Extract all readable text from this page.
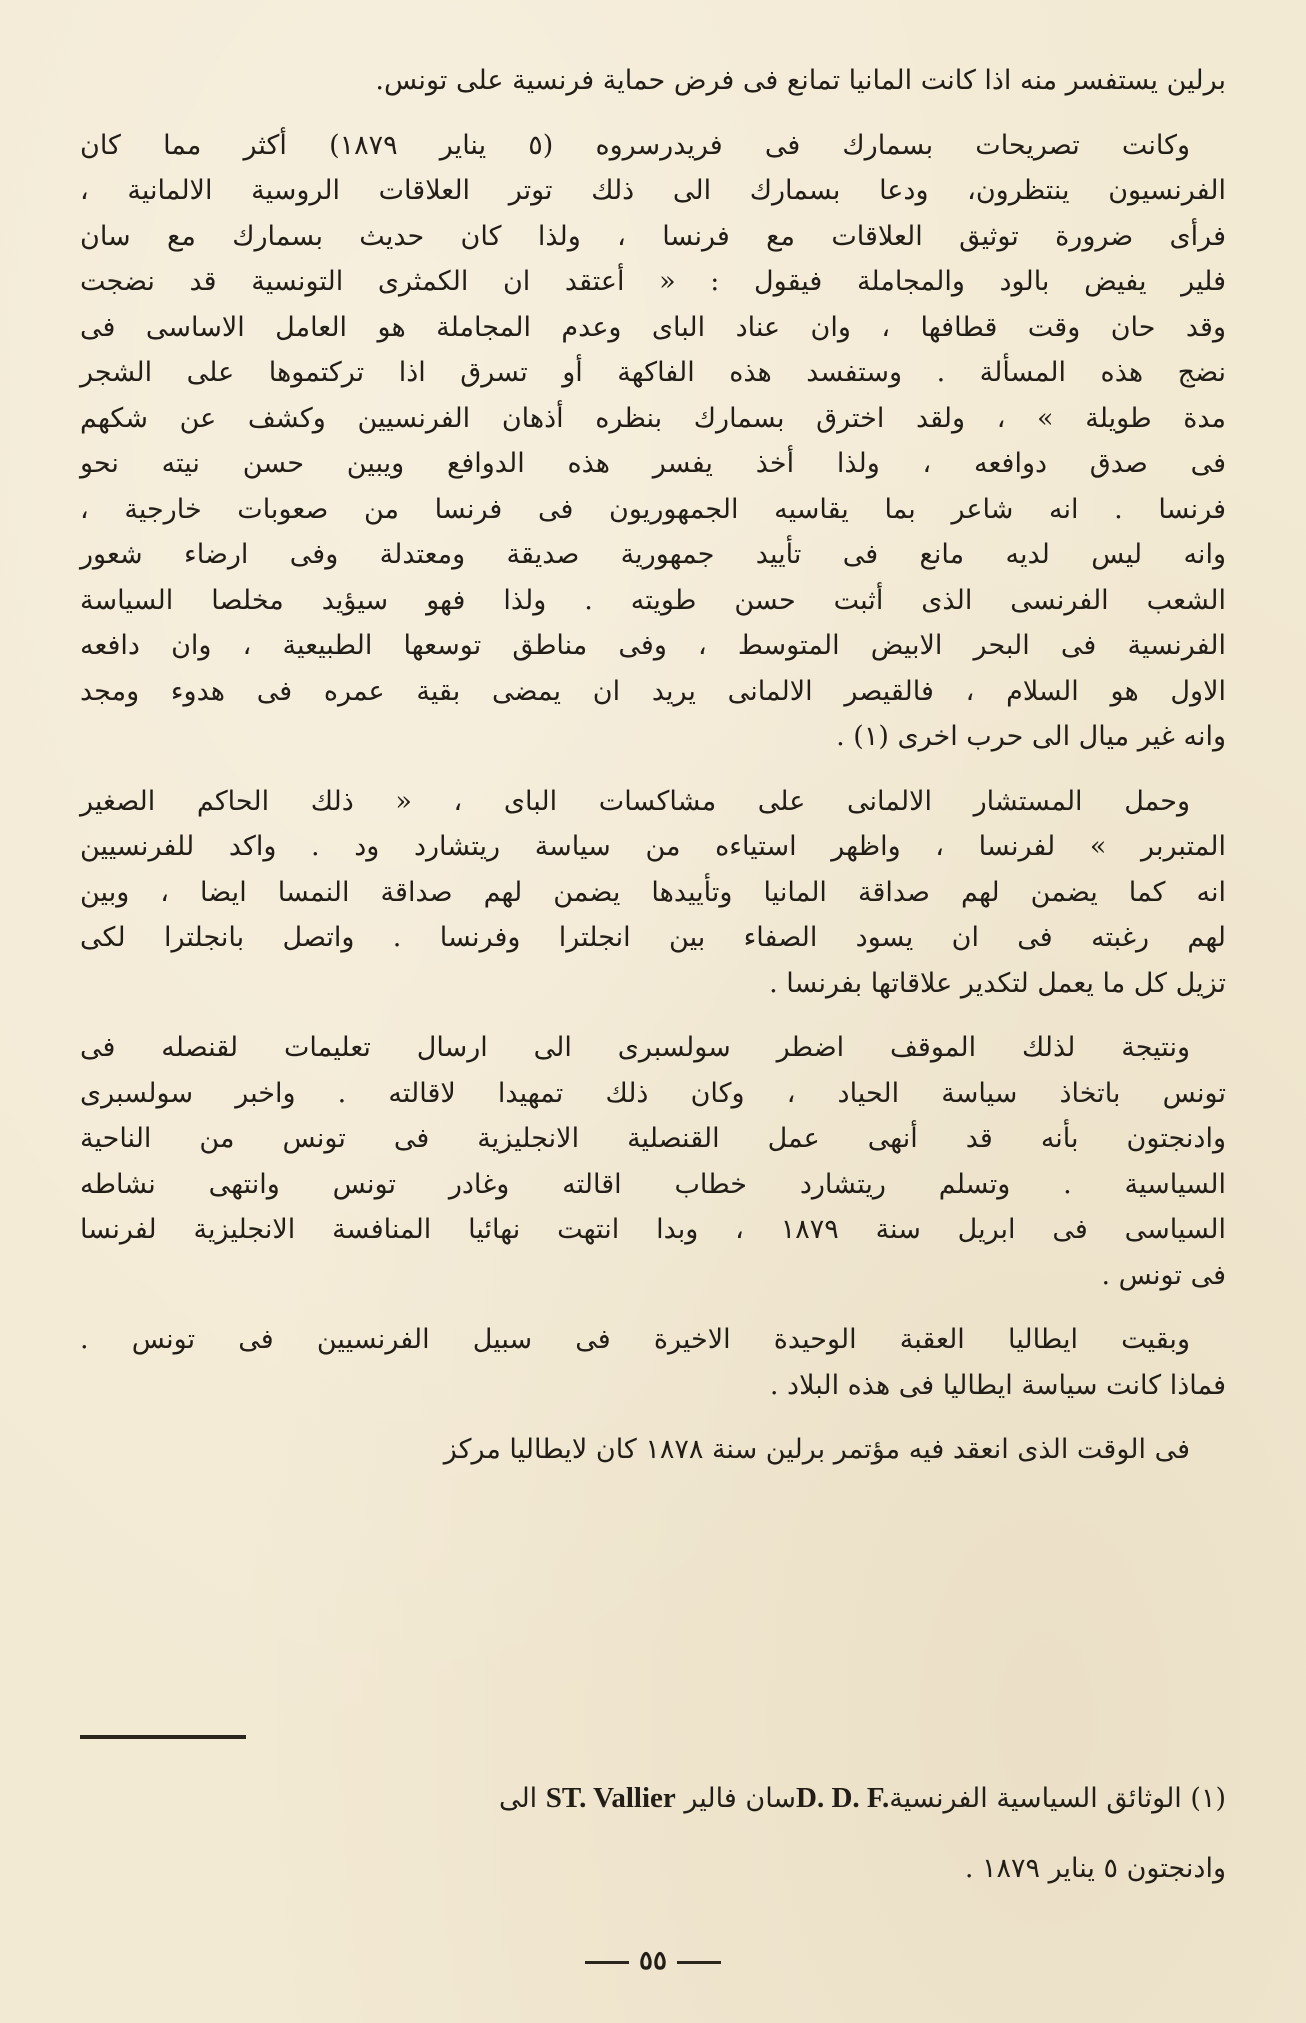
برلين يستفسر منه اذا كانت المانيا تمانع فى فرض حماية فرنسية على تونس.

وكانت تصريحات بسمارك فى فريدرسروه (٥ يناير ١٨٧٩) أكثر مما كان
الفرنسيون ينتظرون، ودعا بسمارك الى ذلك توتر العلاقات الروسية الالمانية ،
فرأى ضرورة توثيق العلاقات مع فرنسا ، ولذا كان حديث بسمارك مع سان
فلير يفيض بالود والمجاملة فيقول : « أعتقد ان الكمثرى التونسية قد نضجت
وقد حان وقت قطافها ، وان عناد الباى وعدم المجاملة هو العامل الاساسى فى
نضج هذه المسألة . وستفسد هذه الفاكهة أو تسرق اذا تركتموها على الشجر
مدة طويلة » ، ولقد اخترق بسمارك بنظره أذهان الفرنسيين وكشف عن شكهم
فى صدق دوافعه ، ولذا أخذ يفسر هذه الدوافع ويبين حسن نيته نحو
فرنسا . انه شاعر بما يقاسيه الجمهوريون فى فرنسا من صعوبات خارجية ،
وانه ليس لديه مانع فى تأييد جمهورية صديقة ومعتدلة وفى ارضاء شعور
الشعب الفرنسى الذى أثبت حسن طويته . ولذا فهو سيؤيد مخلصا السياسة
الفرنسية فى البحر الابيض المتوسط ، وفى مناطق توسعها الطبيعية ، وان دافعه
الاول هو السلام ، فالقيصر الالمانى يريد ان يمضى بقية عمره فى هدوء ومجد
وانه غير ميال الى حرب اخرى (١) .

وحمل المستشار الالمانى على مشاكسات الباى ، « ذلك الحاكم الصغير
المتبربر » لفرنسا ، واظهر استياءه من سياسة ريتشارد ود . واكد للفرنسيين
انه كما يضمن لهم صداقة المانيا وتأييدها يضمن لهم صداقة النمسا ايضا ، وبين
لهم رغبته فى ان يسود الصفاء بين انجلترا وفرنسا . واتصل بانجلترا لكى
تزيل كل ما يعمل لتكدير علاقاتها بفرنسا .

ونتيجة لذلك الموقف اضطر سولسبرى الى ارسال تعليمات لقنصله فى
تونس باتخاذ سياسة الحياد ، وكان ذلك تمهيدا لاقالته . واخبر سولسبرى
وادنجتون بأنه قد أنهى عمل القنصلية الانجليزية فى تونس من الناحية
السياسية . وتسلم ريتشارد خطاب اقالته وغادر تونس وانتهى نشاطه
السياسى فى ابريل سنة ١٨٧٩ ، وبدا انتهت نهائيا المنافسة الانجليزية لفرنسا
فى تونس .

وبقيت ايطاليا العقبة الوحيدة الاخيرة فى سبيل الفرنسيين فى تونس .
فماذا كانت سياسة ايطاليا فى هذه البلاد .

فى الوقت الذى انعقد فيه مؤتمر برلين سنة ١٨٧٨ كان لايطاليا مركز

(١) الوثائق السياسية الفرنسيةD. D. F.سان فالير ST. Vallier الى
وادنجتون ٥ يناير ١٨٧٩ .
٥٥
